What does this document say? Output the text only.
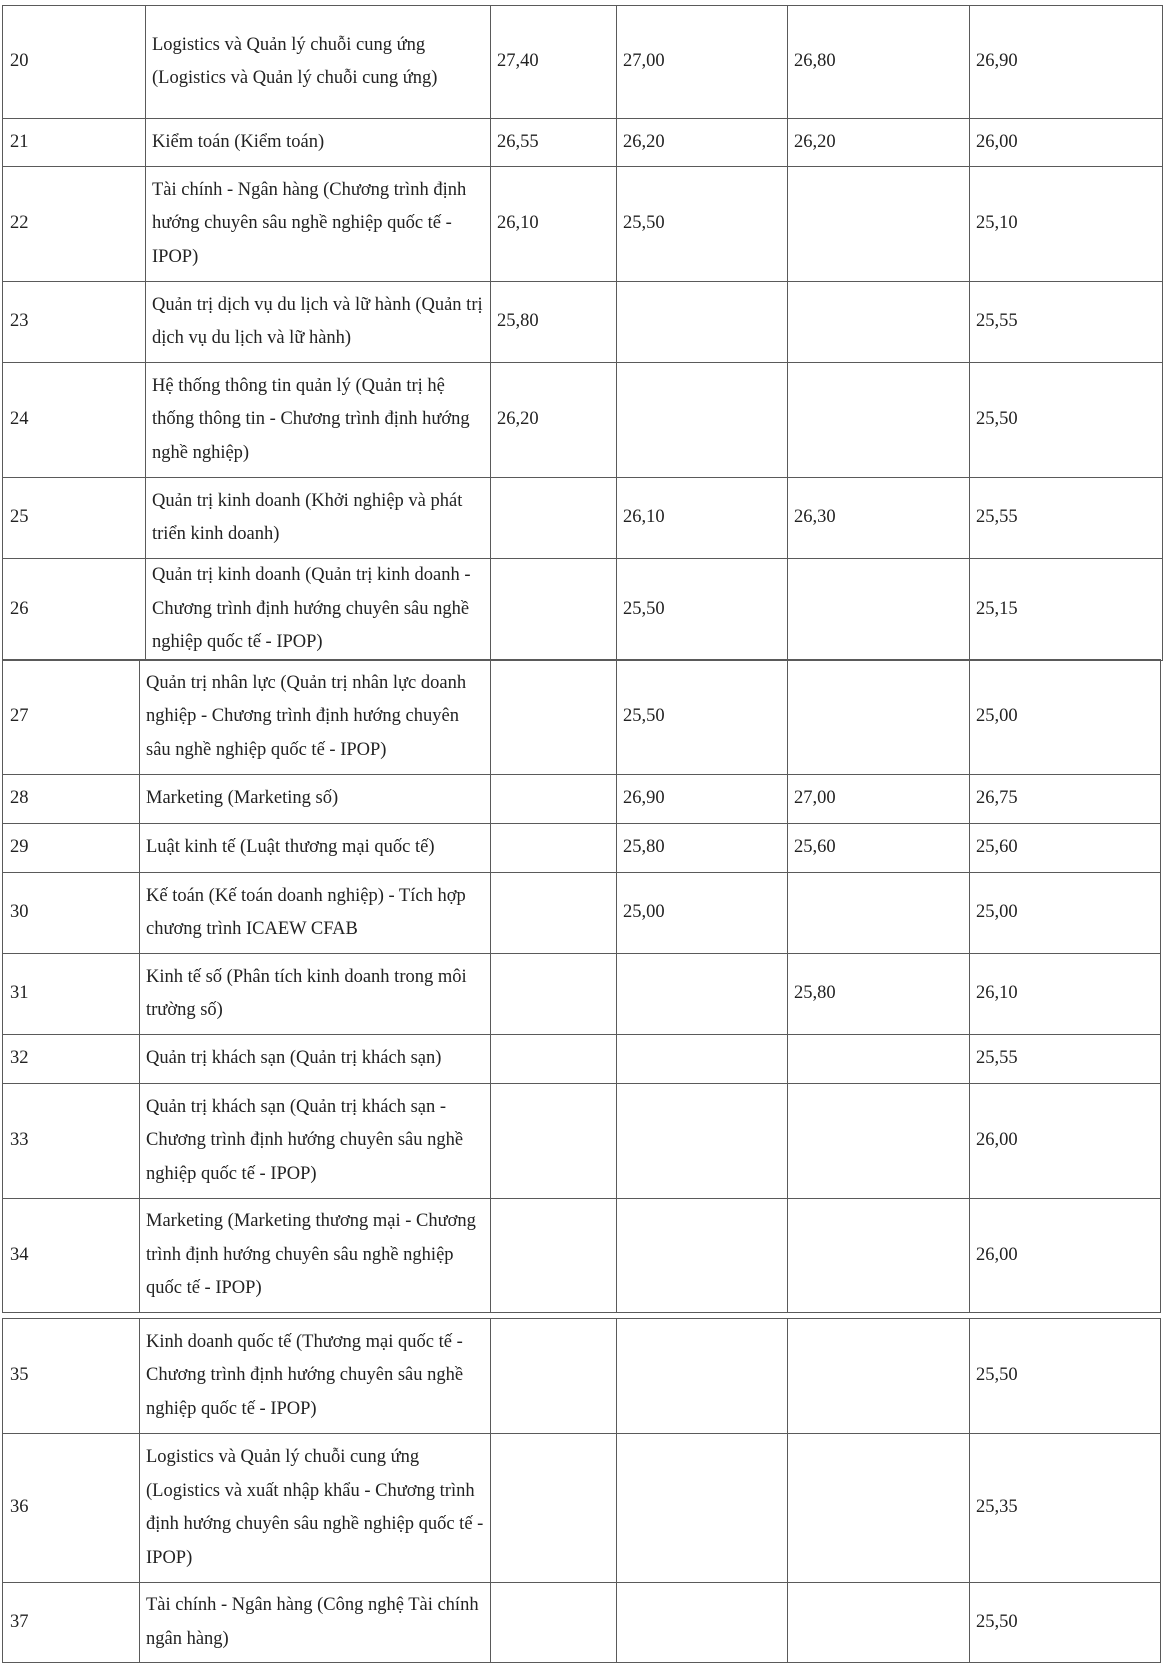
20	Logistics và Quản lý chuỗi cung ứng (Logistics và Quản lý chuỗi cung ứng)	27,40	27,00	26,80	26,90
21	Kiểm toán (Kiểm toán)	26,55	26,20	26,20	26,00
22	Tài chính - Ngân hàng (Chương trình định hướng chuyên sâu nghề nghiệp quốc tế - IPOP)	26,10	25,50		25,10
23	Quản trị dịch vụ du lịch và lữ hành (Quản trị dịch vụ du lịch và lữ hành)	25,80			25,55
24	Hệ thống thông tin quản lý (Quản trị hệ thống thông tin - Chương trình định hướng nghề nghiệp)	26,20			25,50
25	Quản trị kinh doanh (Khởi nghiệp và phát triển kinh doanh)		26,10	26,30	25,55
26	Quản trị kinh doanh (Quản trị kinh doanh - Chương trình định hướng chuyên sâu nghề nghiệp quốc tế - IPOP)		25,50		25,15
27	Quản trị nhân lực (Quản trị nhân lực doanh nghiệp - Chương trình định hướng chuyên sâu nghề nghiệp quốc tế - IPOP)		25,50		25,00
28	Marketing (Marketing số)		26,90	27,00	26,75
29	Luật kinh tế (Luật thương mại quốc tế)		25,80	25,60	25,60
30	Kế toán (Kế toán doanh nghiệp) - Tích hợp chương trình ICAEW CFAB		25,00		25,00
31	Kinh tế số (Phân tích kinh doanh trong môi trường số)			25,80	26,10
32	Quản trị khách sạn (Quản trị khách sạn)				25,55
33	Quản trị khách sạn (Quản trị khách sạn - Chương trình định hướng chuyên sâu nghề nghiệp quốc tế - IPOP)				26,00
34	Marketing (Marketing thương mại - Chương trình định hướng chuyên sâu nghề nghiệp quốc tế - IPOP)				26,00
35	Kinh doanh quốc tế (Thương mại quốc tế - Chương trình định hướng chuyên sâu nghề nghiệp quốc tế - IPOP)				25,50
36	Logistics và Quản lý chuỗi cung ứng (Logistics và xuất nhập khẩu - Chương trình định hướng chuyên sâu nghề nghiệp quốc tế - IPOP)				25,35
37	Tài chính - Ngân hàng (Công nghệ Tài chính ngân hàng)				25,50
